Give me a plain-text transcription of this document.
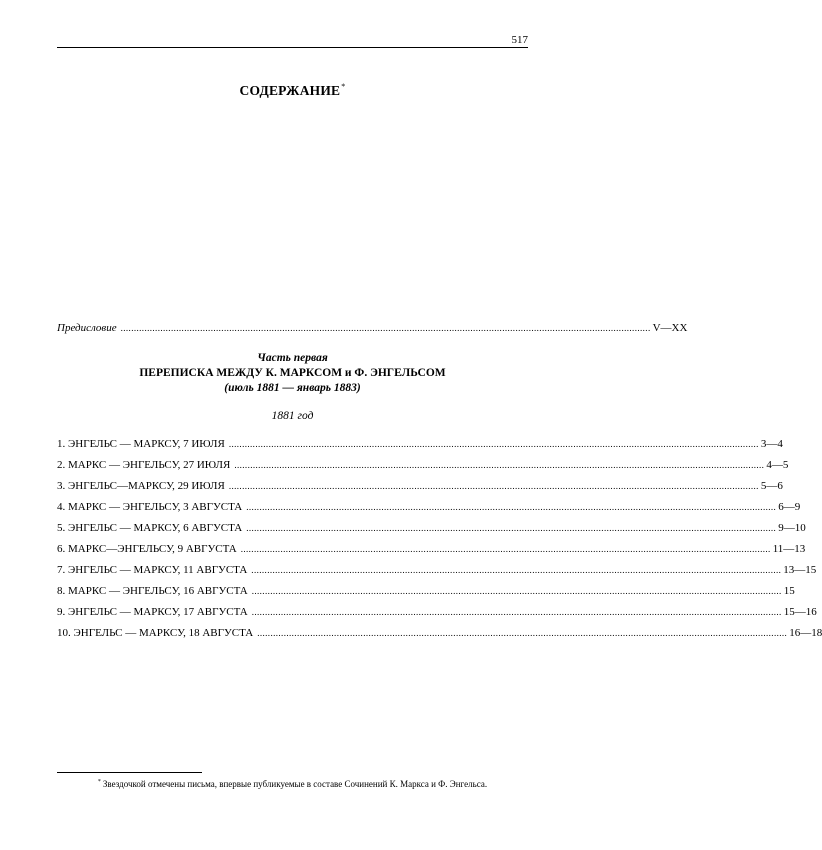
517
СОДЕРЖАНИЕ*
Предисловие ........................................................................................................................................................................................................ V—XX
Часть первая
ПЕРЕПИСКА МЕЖДУ К. МАРКСОМ и Ф. ЭНГЕЛЬСОМ
(июль 1881 — январь 1883)
1881 год
1. ЭНГЕЛЬС — МАРКСУ, 7 ИЮЛЯ ........................................................................................................................................................................................................ 3—4
2. МАРКС — ЭНГЕЛЬСУ, 27 ИЮЛЯ ........................................................................................................................................................................................................ 4—5
3. ЭНГЕЛЬС—МАРКСУ, 29 ИЮЛЯ ........................................................................................................................................................................................................ 5—6
4. МАРКС — ЭНГЕЛЬСУ, 3 АВГУСТА ........................................................................................................................................................................................................ 6—9
5. ЭНГЕЛЬС — МАРКСУ, 6 АВГУСТА ........................................................................................................................................................................................................ 9—10
6. МАРКС—ЭНГЕЛЬСУ, 9 АВГУСТА ........................................................................................................................................................................................................ 11—13
7. ЭНГЕЛЬС — МАРКСУ, 11 АВГУСТА ........................................................................................................................................................................................................ 13—15
8. МАРКС — ЭНГЕЛЬСУ, 16 АВГУСТА ........................................................................................................................................................................................................ 15
9. ЭНГЕЛЬС — МАРКСУ, 17 АВГУСТА ........................................................................................................................................................................................................ 15—16
10. ЭНГЕЛЬС — МАРКСУ, 18 АВГУСТА ........................................................................................................................................................................................................ 16—18
* Звездочкой отмечены письма, впервые публикуемые в составе Сочинений К. Маркса и Ф. Энгельса.
